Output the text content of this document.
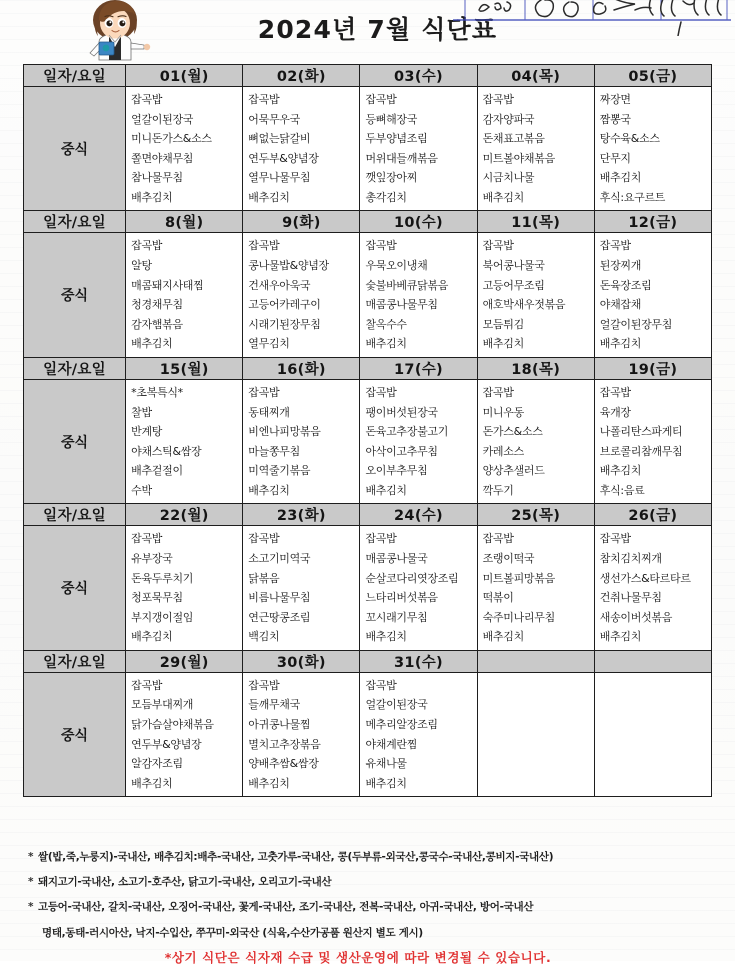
2024년 7월 식단표
일자/요일	01(월)	02(화)	03(수)	04(목)	05(금)
중식	
잡곡밥
얼갈이된장국
미니돈가스&소스
쫄면야채무침
참나물무침
배추김치

잡곡밥
어묵무우국
뼈없는닭갈비
연두부&양념장
열무나물무침
배추김치

잡곡밥
등뼈해장국
두부양념조림
머위대들깨볶음
깻잎장아찌
총각김치

잡곡밥
감자양파국
돈채표고볶음
미트볼야채볶음
시금치나물
배추김치

짜장면
짬뽕국
탕수육&소스
단무지
배추김치
후식:요구르트

일자/요일	8(월)	9(화)	10(수)	11(목)	12(금)
중식	
잡곡밥
알탕
매콤돼지사태찜
청경채무침
감자햄볶음
배추김치

잡곡밥
콩나물밥&양념장
건새우아욱국
고등어카레구이
시래기된장무침
열무김치

잡곡밥
우묵오이냉채
숯불바베큐닭볶음
매콤콩나물무침
찰옥수수
배추김치

잡곡밥
북어콩나물국
고등어무조림
애호박새우젓볶음
모듬튀김
배추김치

잡곡밥
된장찌개
돈육장조림
야채잡채
얼갈이된장무침
배추김치

일자/요일	15(월)	16(화)	17(수)	18(목)	19(금)
중식	
*초복특식*
찰밥
반계탕
야채스틱&쌈장
배추겉절이
수박

잡곡밥
동태찌개
비엔나피망볶음
마늘쫑무침
미역줄기볶음
배추김치

잡곡밥
팽이버섯된장국
돈육고추장불고기
아삭이고추무침
오이부추무침
배추김치

잡곡밥
미니우동
돈가스&소스
카레소스
양상추샐러드
깍두기

잡곡밥
육개장
나폴리탄스파게티
브로콜리참깨무침
배추김치
후식:음료

일자/요일	22(월)	23(화)	24(수)	25(목)	26(금)
중식	
잡곡밥
유부장국
돈육두루치기
청포묵무침
부지갱이절임
배추김치

잡곡밥
소고기미역국
닭볶음
비름나물무침
연근땅콩조림
백김치

잡곡밥
매콤콩나물국
순살코다리엿장조림
느타리버섯볶음
꼬시래기무침
배추김치

잡곡밥
조랭이떡국
미트볼피망볶음
떡볶이
숙주미나리무침
배추김치

잡곡밥
참치김치찌개
생선가스&타르타르
건취나물무침
새송이버섯볶음
배추김치

일자/요일	29(월)	30(화)	31(수)		
중식	
잡곡밥
모듬부대찌개
닭가슴살야채볶음
연두부&양념장
알감자조림
배추김치

잡곡밥
들깨무채국
아귀콩나물찜
멸치고추장볶음
양배추쌈&쌈장
배추김치

잡곡밥
얼갈이된장국
메추리알장조림
야채계란찜
유채나물
배추김치

* 쌀(밥,죽,누룽지)-국내산, 배추김치:배추-국내산, 고춧가루-국내산, 콩(두부류-외국산,콩국수-국내산,콩비지-국내산)
* 돼지고기-국내산, 소고기-호주산, 닭고기-국내산, 오리고기-국내산
* 고등어-국내산, 갈치-국내산, 오징어-국내산, 꽃게-국내산, 조기-국내산, 전복-국내산, 아귀-국내산, 방어-국내산
명태,동태-러시아산, 낙지-수입산, 쭈꾸미-외국산 (식육,수산가공품 원산지 별도 게시)
*상기 식단은 식자재 수급 및 생산운영에 따라 변경될 수 있습니다.
